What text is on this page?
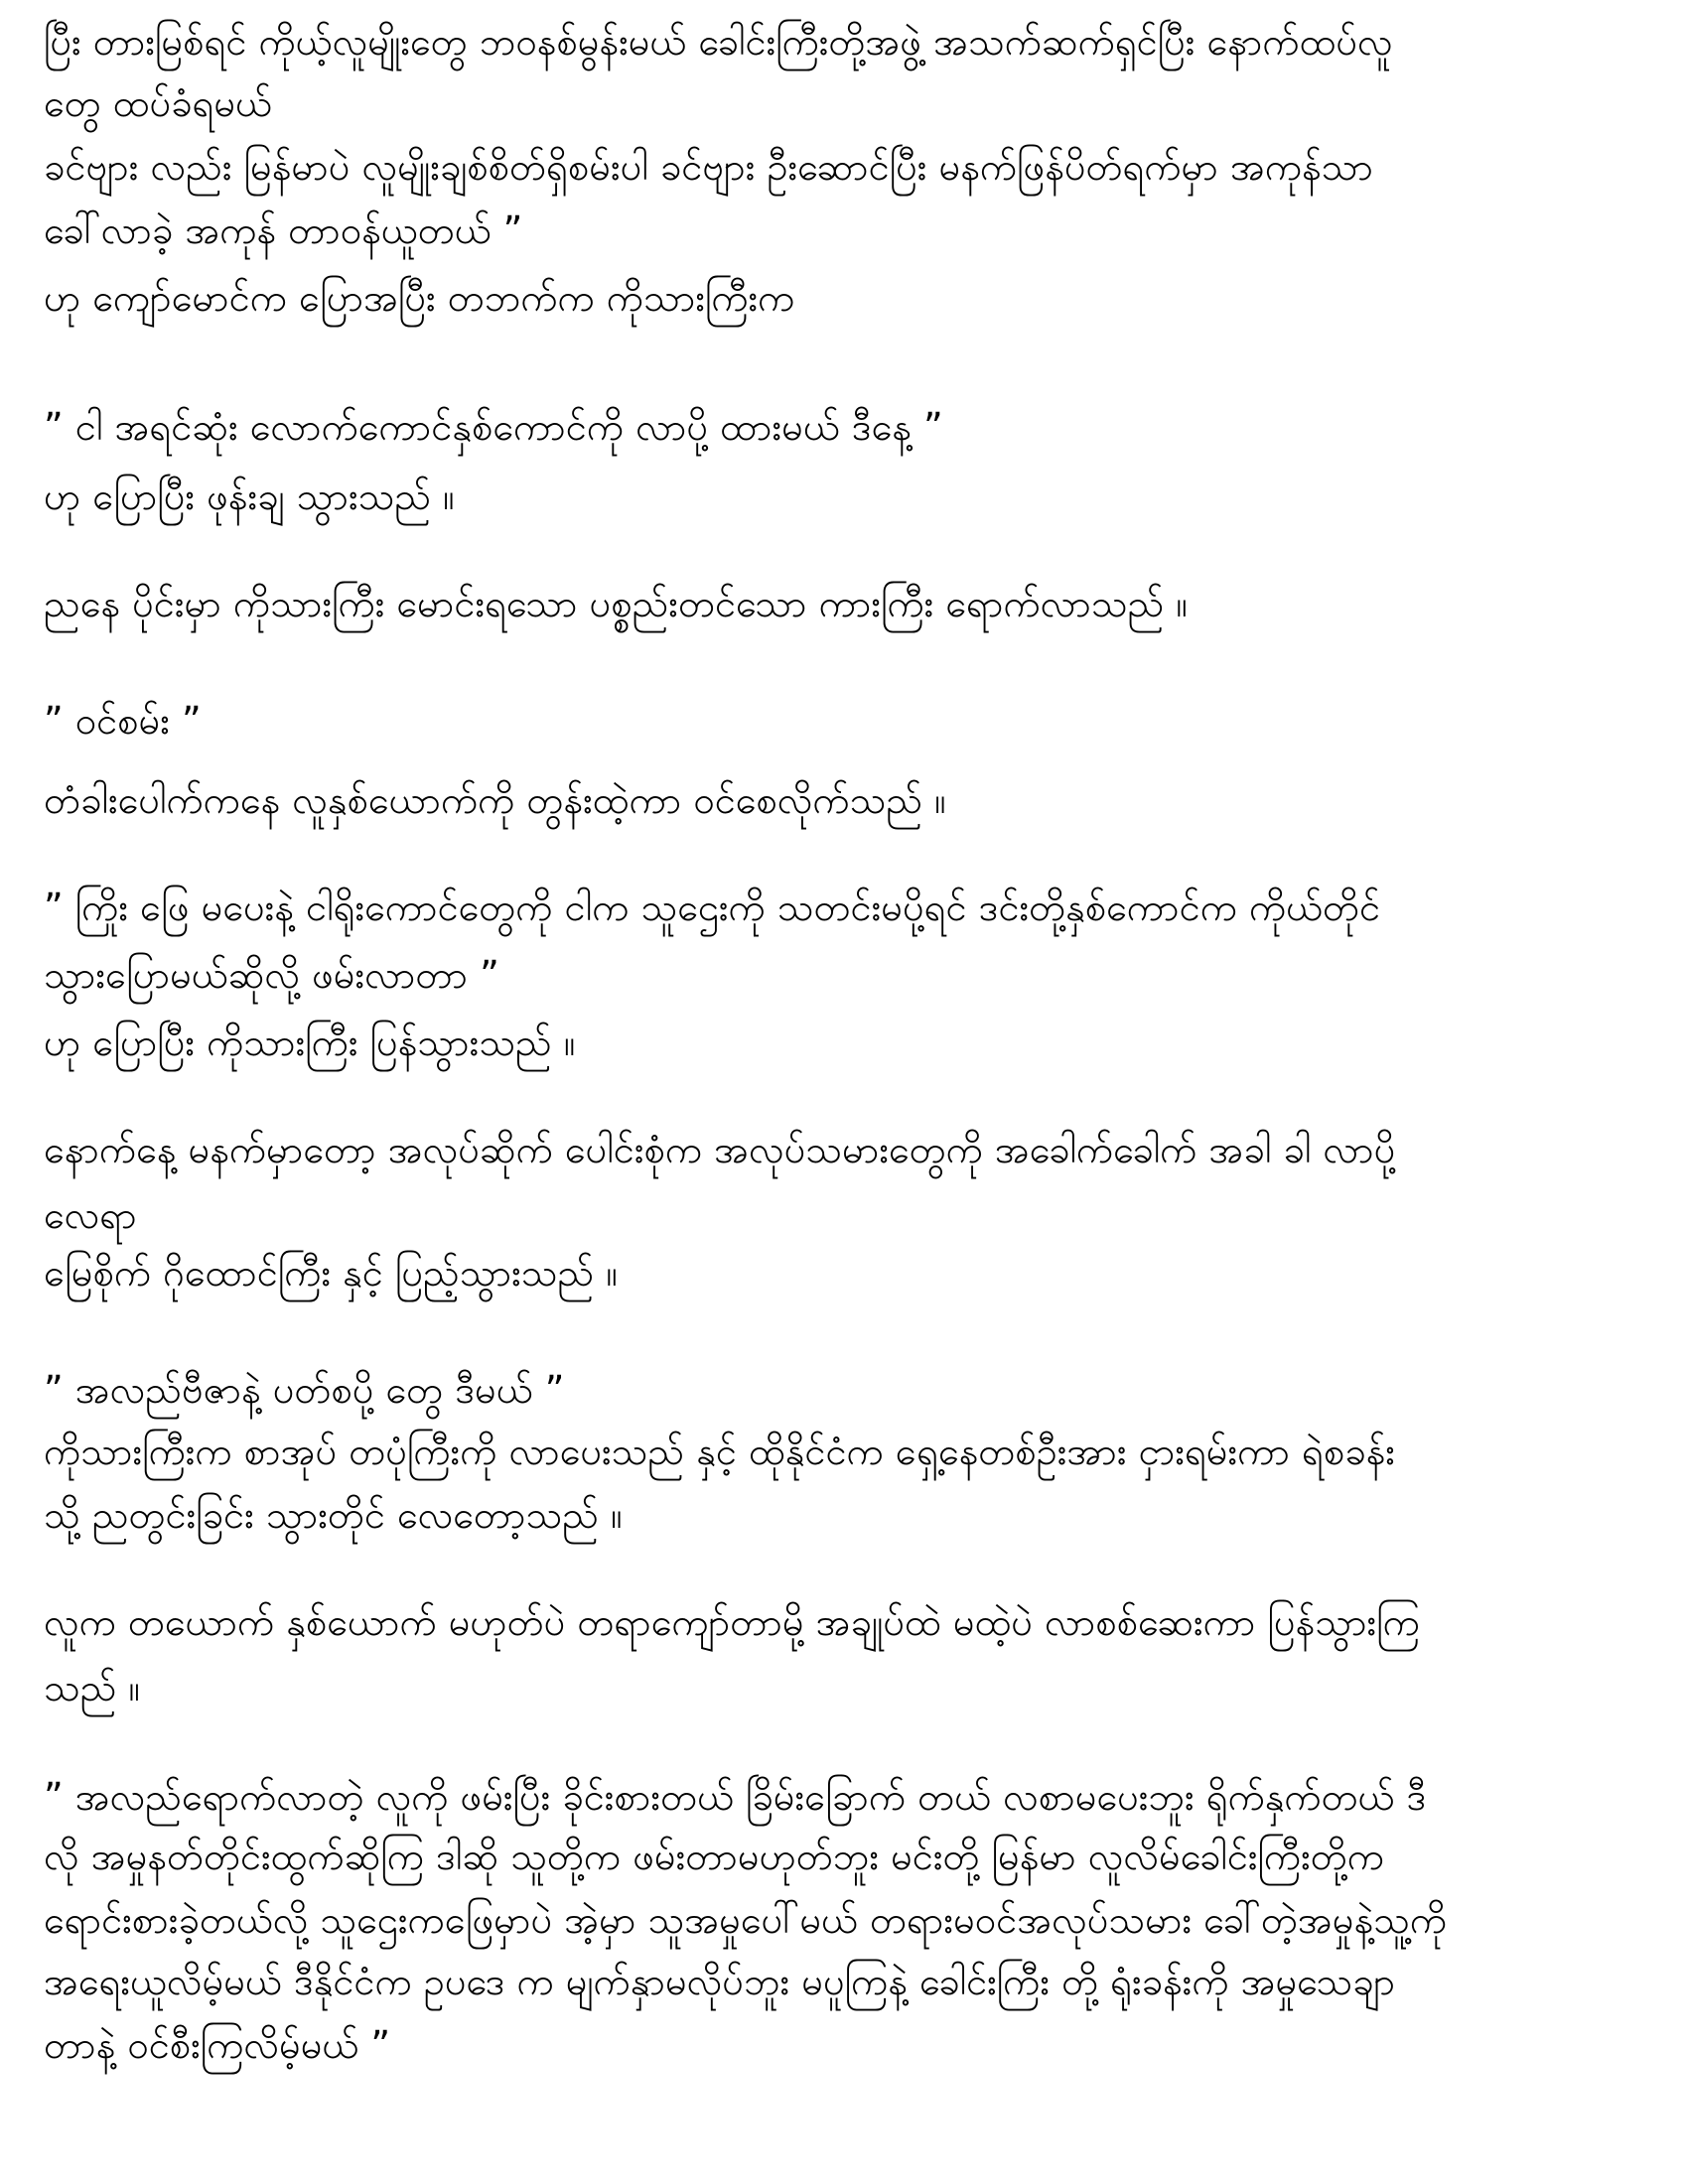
ပြီး တားမြစ်ရင် ကိုယ့်လူမျိုးတွေ ဘဝနစ်မွန်းမယ် ခေါင်းကြီးတို့အဖွဲ့ အသက်ဆက်ရှင်ပြီး နောက်ထပ်လူ
တွေ ထပ်ခံရမယ်
ခင်ဗျား လည်း မြန်မာပဲ လူမျိုးချစ်စိတ်ရှိစမ်းပါ ခင်ဗျား ဦးဆောင်ပြီး မနက်ဖြန်ပိတ်ရက်မှာ အကုန်သာ
ခေါ်လာခဲ့ အကုန် တာဝန်ယူတယ် ”
ဟု ကျော်မောင်က ပြောအပြီး တဘက်က ကိုသားကြီးက
” ငါ အရင်ဆုံး လောက်ကောင်နှစ်ကောင်ကို လာပို့ ထားမယ် ဒီနေ့ ”
ဟု ပြောပြီး ဖုန်းချ သွားသည် ။
ညနေ ပိုင်းမှာ ကိုသားကြီး မောင်းရသော ပစ္စည်းတင်သော ကားကြီး ရောက်လာသည် ။
” ဝင်စမ်း ”
တံခါးပေါက်ကနေ လူနှစ်ယောက်ကို တွန်းထဲ့ကာ ဝင်စေလိုက်သည် ။
” ကြိုး ဖြေ မပေးနဲ့ ငါရိုးကောင်တွေကို ငါက သူဌေးကို သတင်းမပို့ရင် ဒင်းတို့နှစ်ကောင်က ကိုယ်တိုင်
သွားပြောမယ်ဆိုလို့ ဖမ်းလာတာ ”
ဟု ပြောပြီး ကိုသားကြီး ပြန်သွားသည် ။
နောက်နေ့ မနက်မှာတော့ အလုပ်ဆိုက် ပေါင်းစုံက အလုပ်သမားတွေကို အခေါက်ခေါက် အခါ ခါ လာပို့
လေရာ
မြေစိုက် ဂိုထောင်ကြီး နှင့် ပြည့်သွားသည် ။
” အလည်ဗီဇာနဲ့ ပတ်စပို့ တွေ ဒီမယ် ”
ကိုသားကြီးက စာအုပ် တပုံကြီးကို လာပေးသည် နှင့် ထိုနိုင်ငံက ရှေ့နေတစ်ဦးအား ငှားရမ်းကာ ရဲစခန်း
သို့ ညတွင်းခြင်း သွားတိုင် လေတော့သည် ။
လူက တယောက် နှစ်ယောက် မဟုတ်ပဲ တရာကျော်တာမို့ အချုပ်ထဲ မထဲ့ပဲ လာစစ်ဆေးကာ ပြန်သွားကြ
သည် ။
” အလည်ရောက်လာတဲ့ လူကို ဖမ်းပြီး ခိုင်းစားတယ် ခြိမ်းခြောက် တယ် လစာမပေးဘူး ရိုက်နှက်တယ် ဒီ
လို အမှုနတ်တိုင်းထွက်ဆိုကြ ဒါဆို သူတို့က ဖမ်းတာမဟုတ်ဘူး မင်းတို့ မြန်မာ လူလိမ်ခေါင်းကြီးတို့က
ရောင်းစားခဲ့တယ်လို့ သူဌေးကဖြေမှာပဲ အဲ့မှာ သူအမှုပေါ်မယ် တရားမဝင်အလုပ်သမား ခေါ်တဲ့အမှုနဲ့သူ့ကို
အရေးယူလိမ့်မယ် ဒီနိုင်ငံက ဥပဒေ က မျက်နှာမလိုပ်ဘူး မပူကြနဲ့ ခေါင်းကြီး တို့ ရုံးခန်းကို အမှုသေချာ
တာနဲ့ ဝင်စီးကြလိမ့်မယ် ”
